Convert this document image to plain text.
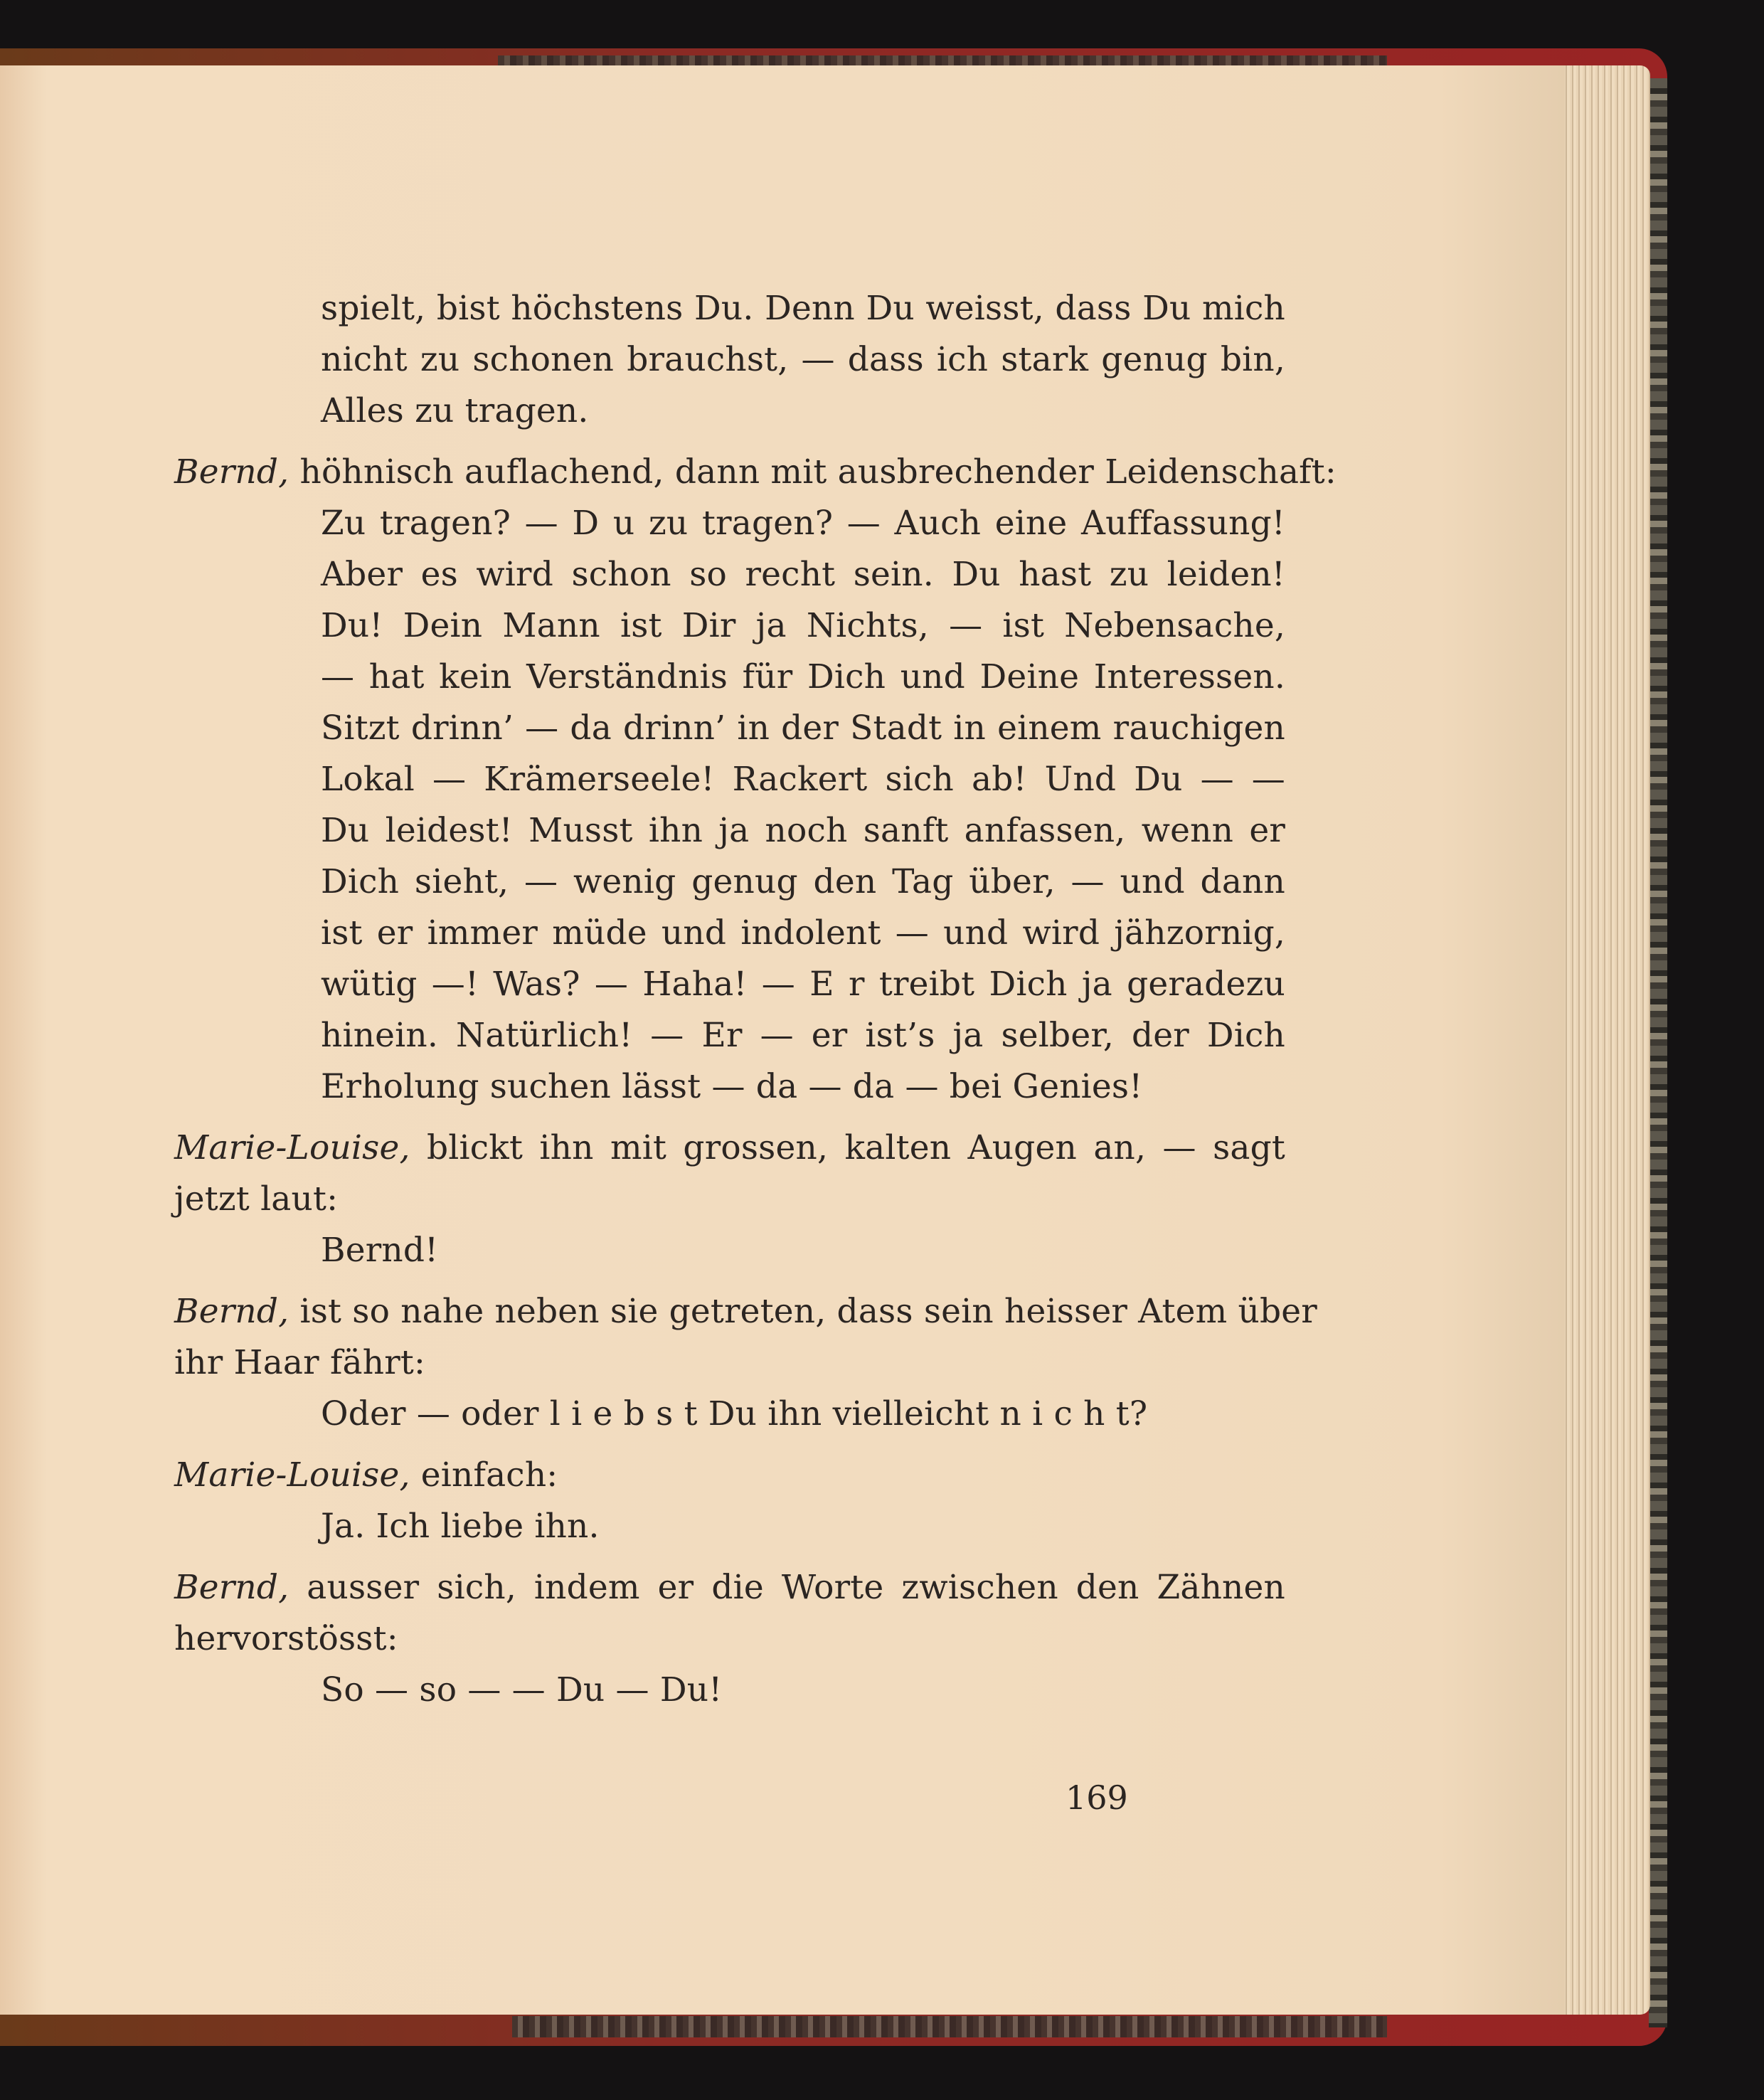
spielt, bist höchstens Du. Denn Du weisst, dass Du mich
nicht zu schonen brauchst, — dass ich stark genug bin,
Alles zu tragen.
Bernd, höhnisch auflachend, dann mit ausbrechender Leidenschaft:
Zu tragen? — D u zu tragen? — Auch eine Auffassung!
Aber es wird schon so recht sein. Du hast zu leiden!
Du! Dein Mann ist Dir ja Nichts, — ist Nebensache,
— hat kein Verständnis für Dich und Deine Interessen.
Sitzt drinn’ — da drinn’ in der Stadt in einem rauchigen
Lokal — Krämerseele! Rackert sich ab! Und Du — —
Du leidest! Musst ihn ja noch sanft anfassen, wenn er
Dich sieht, — wenig genug den Tag über, — und dann
ist er immer müde und indolent — und wird jähzornig,
wütig —! Was? — Haha! — E r treibt Dich ja geradezu
hinein. Natürlich! — Er — er ist’s ja selber, der Dich
Erholung suchen lässt — da — da — bei Genies!
Marie-Louise, blickt ihn mit grossen, kalten Augen an, — sagt
jetzt laut:
Bernd!
Bernd, ist so nahe neben sie getreten, dass sein heisser Atem über
ihr Haar fährt:
Oder — oder l i e b s t Du ihn vielleicht n i c h t?
Marie-Louise, einfach:
Ja. Ich liebe ihn.
Bernd, ausser sich, indem er die Worte zwischen den Zähnen
hervorstösst:
So — so — — Du — Du!
169
